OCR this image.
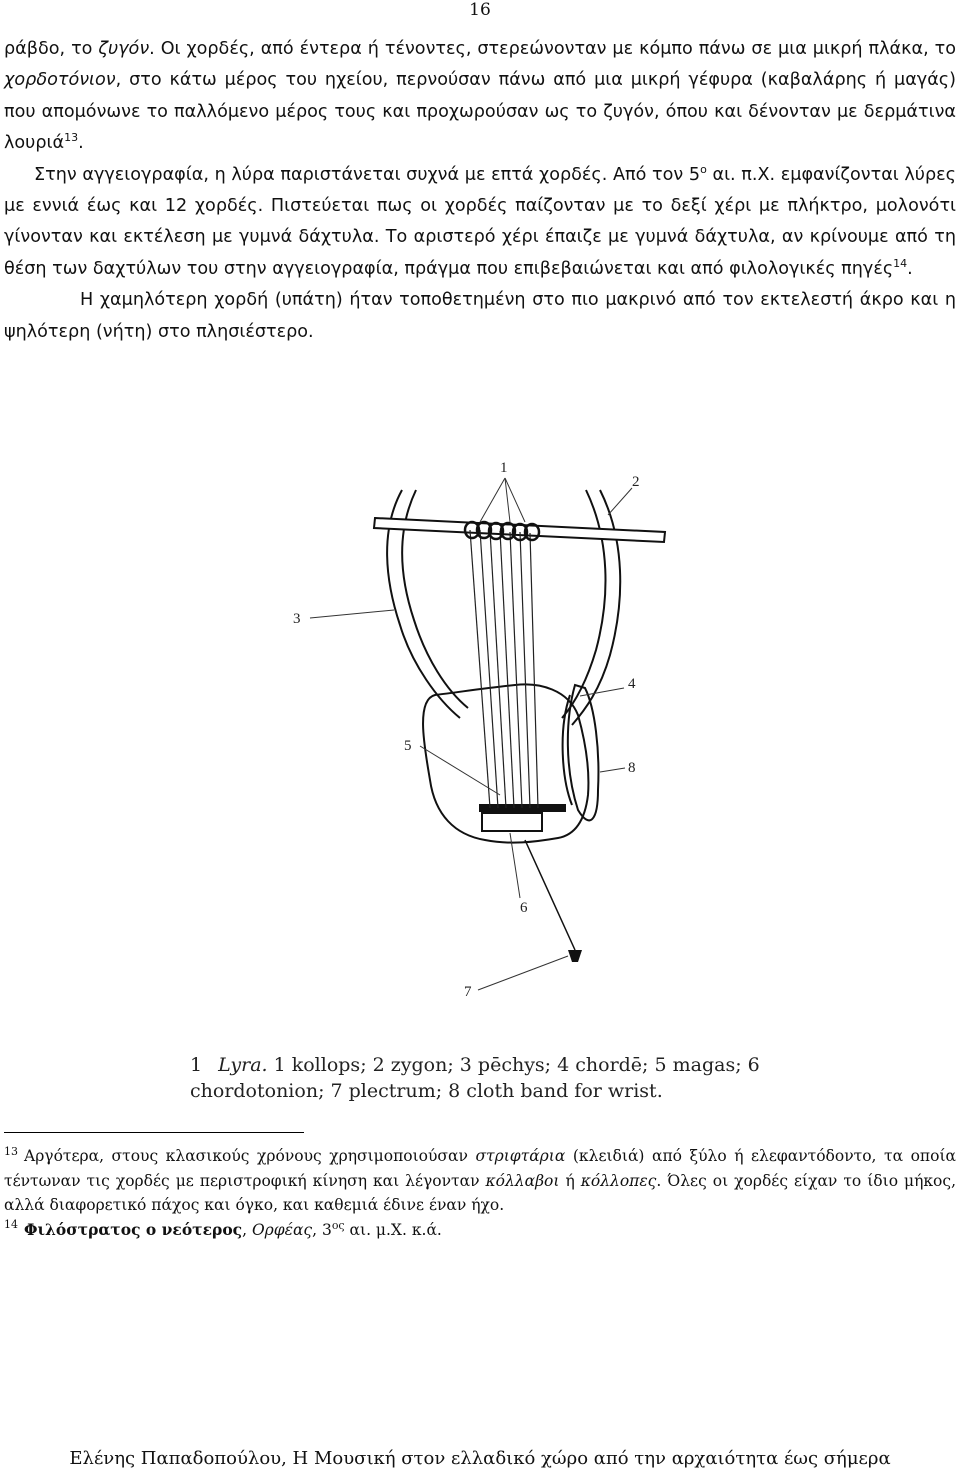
16

ράβδο, το ζυγόν. Οι χορδές, από έντερα ή τένοντες, στερεώνονταν με κόμπο πάνω σε μια μικρή πλάκα, το χορδοτόνιον, στο κάτω μέρος του ηχείου, περνούσαν πάνω από μια μικρή γέφυρα (καβαλάρης ή μαγάς) που απομόνωνε το παλλόμενο μέρος τους και προχωρούσαν ως το ζυγόν, όπου και δένονταν με δερμάτινα λουριά$^{13}$.

Στην αγγειογραφία, η λύρα παριστάνεται συχνά με επτά χορδές. Από τον $5^o$ αι. π.Χ. εμφανίζονται λύρες με εννιά έως και 12 χορδές. Πιστεύεται πως οι χορδές παίζονταν με το δεξί χέρι με πλήκτρο, μολονότι γίνονταν και εκτέλεση με γυμνά δάχτυλα. Το αριστερό χέρι έπαιζε με γυμνά δάχτυλα, αν κρίνουμε από τη θέση των δαχτύλων του στην αγγειογραφία, πράγμα που επιβεβαιώνεται και από φιλολογικές πηγές$^{14}$.

Η χαμηλότερη χορδή (υπάτη) ήταν τοποθετημένη στο πιο μακρινό από τον εκτελεστή άκρο και η ψηλότερη (νήτη) στο πλησιέστερο.

1
2
3
4
5
6
7
8
1 Lyra. 1 kollops; 2 zygon; 3 pēchys; 4 chordē; 5 magas; 6 chordotonion; 7 plectrum; 8 cloth band for wrist.

$^{13}$ Αργότερα, στους κλασικούς χρόνους χρησιμοποιούσαν στριφτάρια (κλειδιά) από ξύλο ή ελεφαντόδοντο, τα οποία τέντωναν τις χορδές με περιστροφική κίνηση και λέγονταν κόλλαβοι ή κόλλοπες. Όλες οι χορδές είχαν το ίδιο μήκος, αλλά διαφορετικό πάχος και όγκο, και καθεμιά έδινε έναν ήχο.

$^{14}$ Φιλόστρατος ο νεότερος, Ορφέας, $3^{o\varsigma}$ αι. μ.Χ. κ.ά.

Ελένης Παπαδοπούλου, Η Μουσική στον ελλαδικό χώρο από την αρχαιότητα έως σήμερα
